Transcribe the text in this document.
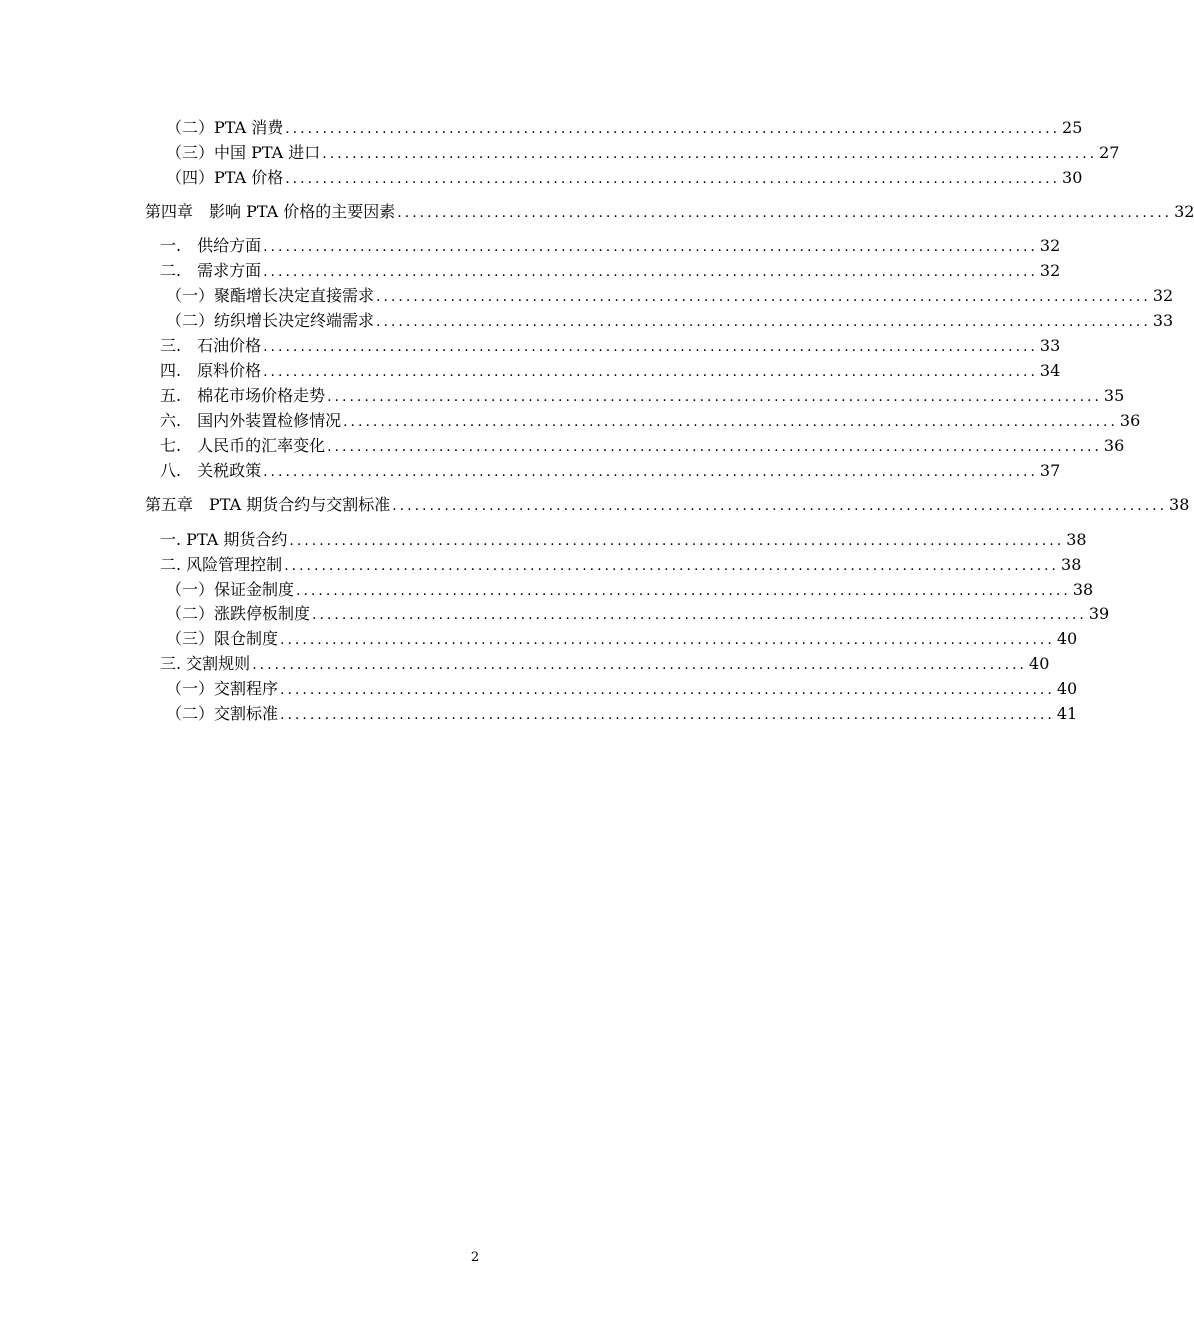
（二）PTA 消费 ........................................................................................................ 25
（三）中国 PTA 进口 ........................................................................................................ 27
（四）PTA 价格 ........................................................................................................ 30
第四章　影响 PTA 价格的主要因素 ........................................................................................................ 32
一.　供给方面 ........................................................................................................ 32
二.　需求方面 ........................................................................................................ 32
（一）聚酯增长决定直接需求 ........................................................................................................ 32
（二）纺织增长决定终端需求 ........................................................................................................ 33
三.　石油价格 ........................................................................................................ 33
四.　原料价格 ........................................................................................................ 34
五.　棉花市场价格走势 ........................................................................................................ 35
六.　国内外装置检修情况 ........................................................................................................ 36
七.　人民币的汇率变化 ........................................................................................................ 36
八.　关税政策 ........................................................................................................ 37
第五章　PTA 期货合约与交割标准 ........................................................................................................ 38
一. PTA 期货合约 ........................................................................................................ 38
二. 风险管理控制 ........................................................................................................ 38
（一）保证金制度 ........................................................................................................ 38
（二）涨跌停板制度 ........................................................................................................ 39
（三）限仓制度 ........................................................................................................ 40
三. 交割规则 ........................................................................................................ 40
（一）交割程序 ........................................................................................................ 40
（二）交割标准 ........................................................................................................ 41
2
